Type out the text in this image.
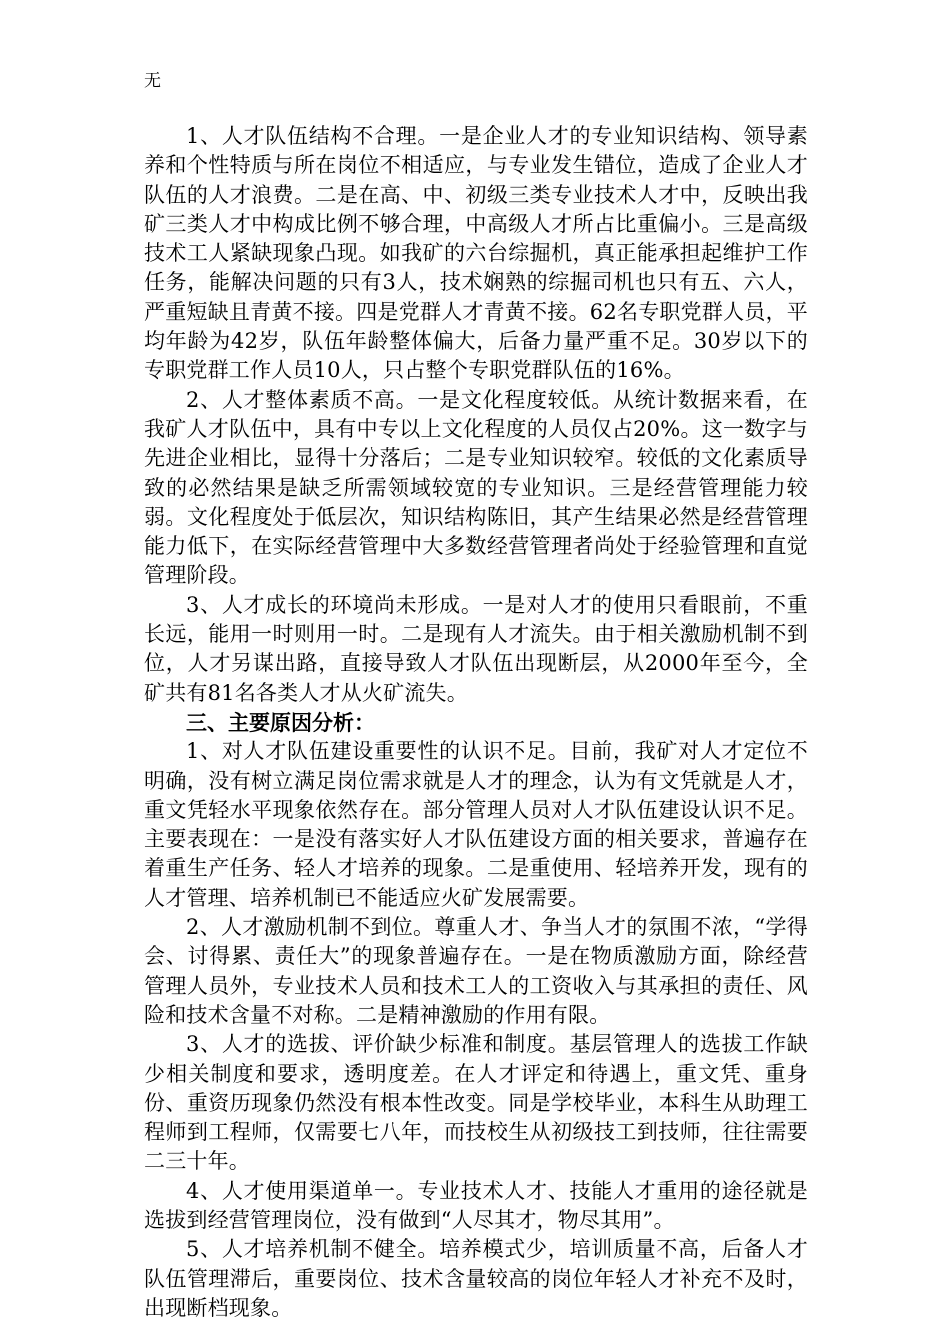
无

1、人才队伍结构不合理。一是企业人才的专业知识结构、领导素养和个性特质与所在岗位不相适应，与专业发生错位，造成了企业人才队伍的人才浪费。二是在高、中、初级三类专业技术人才中，反映出我矿三类人才中构成比例不够合理，中高级人才所占比重偏小。三是高级技术工人紧缺现象凸现。如我矿的六台综掘机，真正能承担起维护工作任务，能解决问题的只有3人，技术娴熟的综掘司机也只有五、六人，严重短缺且青黄不接。四是党群人才青黄不接。62名专职党群人员，平均年龄为42岁，队伍年龄整体偏大，后备力量严重不足。30岁以下的专职党群工作人员10人，只占整个专职党群队伍的16%。

2、人才整体素质不高。一是文化程度较低。从统计数据来看，在我矿人才队伍中，具有中专以上文化程度的人员仅占20%。这一数字与先进企业相比，显得十分落后；二是专业知识较窄。较低的文化素质导致的必然结果是缺乏所需领域较宽的专业知识。三是经营管理能力较弱。文化程度处于低层次，知识结构陈旧，其产生结果必然是经营管理能力低下，在实际经营管理中大多数经营管理者尚处于经验管理和直觉管理阶段。

3、人才成长的环境尚未形成。一是对人才的使用只看眼前，不重长远，能用一时则用一时。二是现有人才流失。由于相关激励机制不到位，人才另谋出路，直接导致人才队伍出现断层，从2000年至今，全矿共有81名各类人才从火矿流失。

三、主要原因分析：

1、对人才队伍建设重要性的认识不足。目前，我矿对人才定位不明确，没有树立满足岗位需求就是人才的理念，认为有文凭就是人才，重文凭轻水平现象依然存在。部分管理人员对人才队伍建设认识不足。主要表现在：一是没有落实好人才队伍建设方面的相关要求，普遍存在着重生产任务、轻人才培养的现象。二是重使用、轻培养开发，现有的人才管理、培养机制已不能适应火矿发展需要。

2、人才激励机制不到位。尊重人才、争当人才的氛围不浓，“学得会、讨得累、责任大”的现象普遍存在。一是在物质激励方面，除经营管理人员外，专业技术人员和技术工人的工资收入与其承担的责任、风险和技术含量不对称。二是精神激励的作用有限。

3、人才的选拔、评价缺少标准和制度。基层管理人的选拔工作缺少相关制度和要求，透明度差。在人才评定和待遇上，重文凭、重身份、重资历现象仍然没有根本性改变。同是学校毕业，本科生从助理工程师到工程师，仅需要七八年，而技校生从初级技工到技师，往往需要二三十年。

4、人才使用渠道单一。专业技术人才、技能人才重用的途径就是选拔到经营管理岗位，没有做到“人尽其才，物尽其用”。

5、人才培养机制不健全。培养模式少，培训质量不高，后备人才队伍管理滞后，重要岗位、技术含量较高的岗位年轻人才补充不及时，出现断档现象。
